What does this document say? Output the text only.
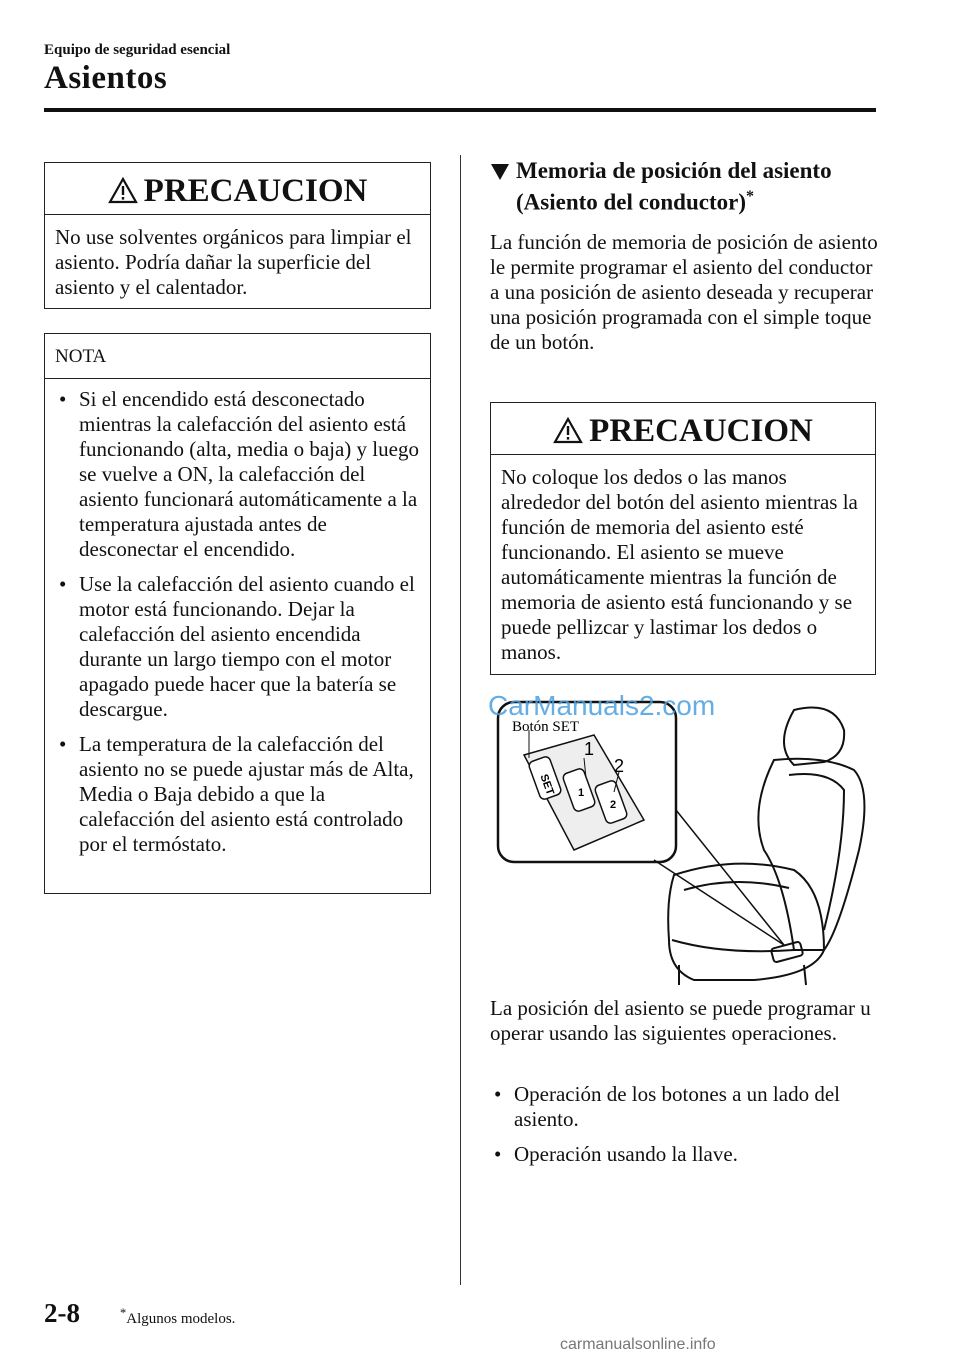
Equipo de seguridad esencial
Asientos
PRECAUCION
No use solventes orgánicos para limpiar el asiento. Podría dañar la superficie del asiento y el calentador.
NOTA
• Si el encendido está desconectado mientras la calefacción del asiento está funcionando (alta, media o baja) y luego se vuelve a ON, la calefacción del asiento funcionará automáticamente a la temperatura ajustada antes de desconectar el encendido.
• Use la calefacción del asiento cuando el motor está funcionando. Dejar la calefacción del asiento encendida durante un largo tiempo con el motor apagado puede hacer que la batería se descargue.
• La temperatura de la calefacción del asiento no se puede ajustar más de Alta, Media o Baja debido a que la calefacción del asiento está controlado por el termóstato.
Memoria de posición del asiento
(Asiento del conductor)*
La función de memoria de posición de asiento le permite programar el asiento del conductor a una posición de asiento deseada y recuperar una posición programada con el simple toque de un botón.
PRECAUCION
No coloque los dedos o las manos alrededor del botón del asiento mientras la función de memoria del asiento esté funcionando. El asiento se mueve automáticamente mientras la función de memoria de asiento está funcionando y se puede pellizcar y lastimar los dedos o manos.
SET 1
2
Botón SET
1
2
La posición del asiento se puede programar u operar usando las siguientes operaciones.
• Operación de los botones a un lado del asiento.
• Operación usando la llave.
2-8	*Algunos modelos.
CarManuals2.com
carmanualsonline.info
